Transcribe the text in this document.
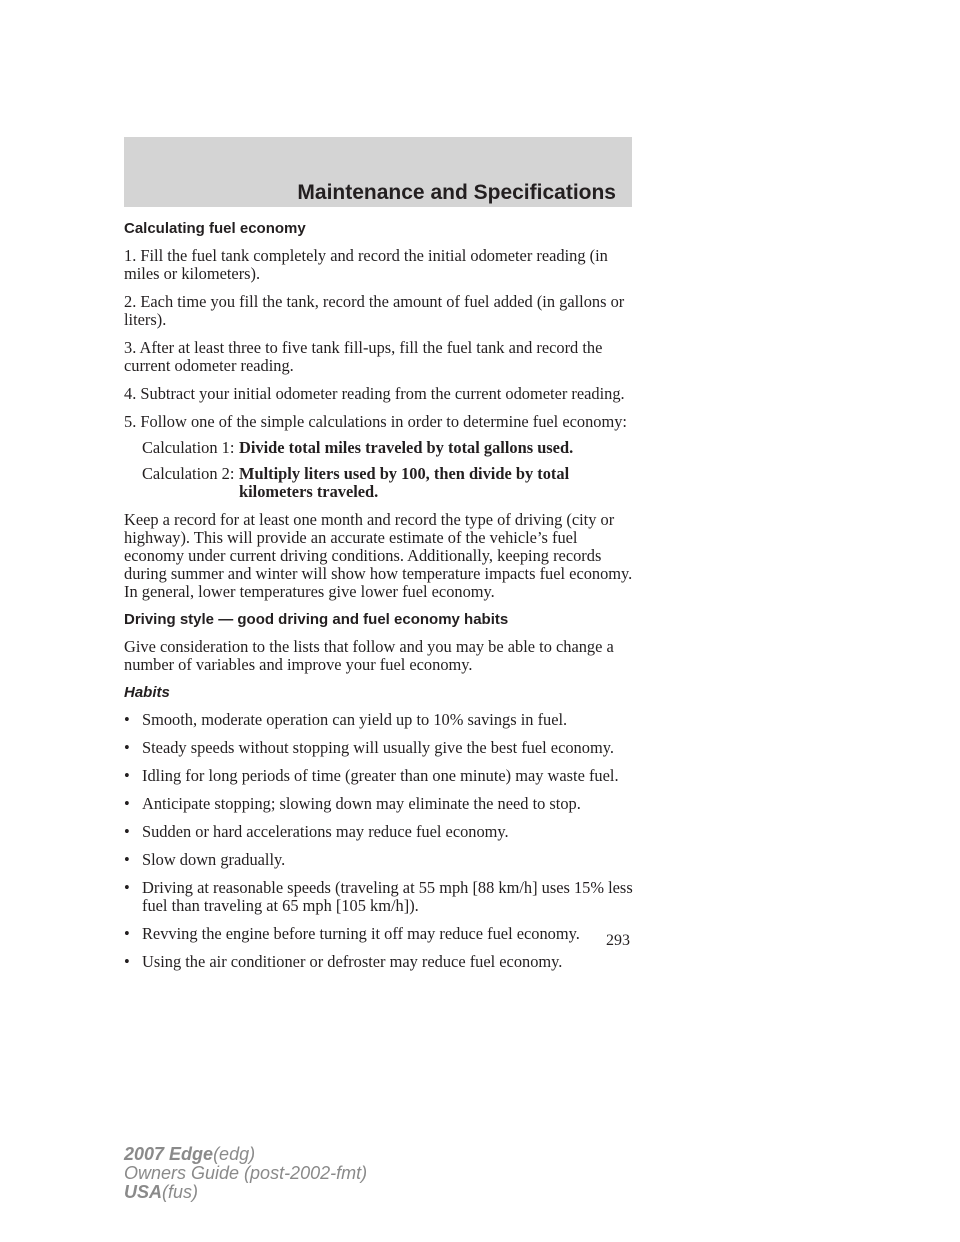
Maintenance and Specifications
Calculating fuel economy

1. Fill the fuel tank completely and record the initial odometer reading (in miles or kilometers).

2. Each time you fill the tank, record the amount of fuel added (in gallons or liters).

3. After at least three to five tank fill-ups, fill the fuel tank and record the current odometer reading.

4. Subtract your initial odometer reading from the current odometer reading.

5. Follow one of the simple calculations in order to determine fuel economy:

Calculation 1: Divide total miles traveled by total gallons used.
Calculation 2: Multiply liters used by 100, then divide by total kilometers traveled.

Keep a record for at least one month and record the type of driving (city or highway). This will provide an accurate estimate of the vehicle’s fuel economy under current driving conditions. Additionally, keeping records during summer and winter will show how temperature impacts fuel economy. In general, lower temperatures give lower fuel economy.

Driving style — good driving and fuel economy habits

Give consideration to the lists that follow and you may be able to change a number of variables and improve your fuel economy.

Habits
• Smooth, moderate operation can yield up to 10% savings in fuel.
• Steady speeds without stopping will usually give the best fuel economy.
• Idling for long periods of time (greater than one minute) may waste fuel.
• Anticipate stopping; slowing down may eliminate the need to stop.
• Sudden or hard accelerations may reduce fuel economy.
• Slow down gradually.
• Driving at reasonable speeds (traveling at 55 mph [88 km/h] uses 15% less fuel than traveling at 65 mph [105 km/h]).
• Revving the engine before turning it off may reduce fuel economy.
• Using the air conditioner or defroster may reduce fuel economy.
293
2007 Edge(edg)
Owners Guide (post-2002-fmt)
USA(fus)
